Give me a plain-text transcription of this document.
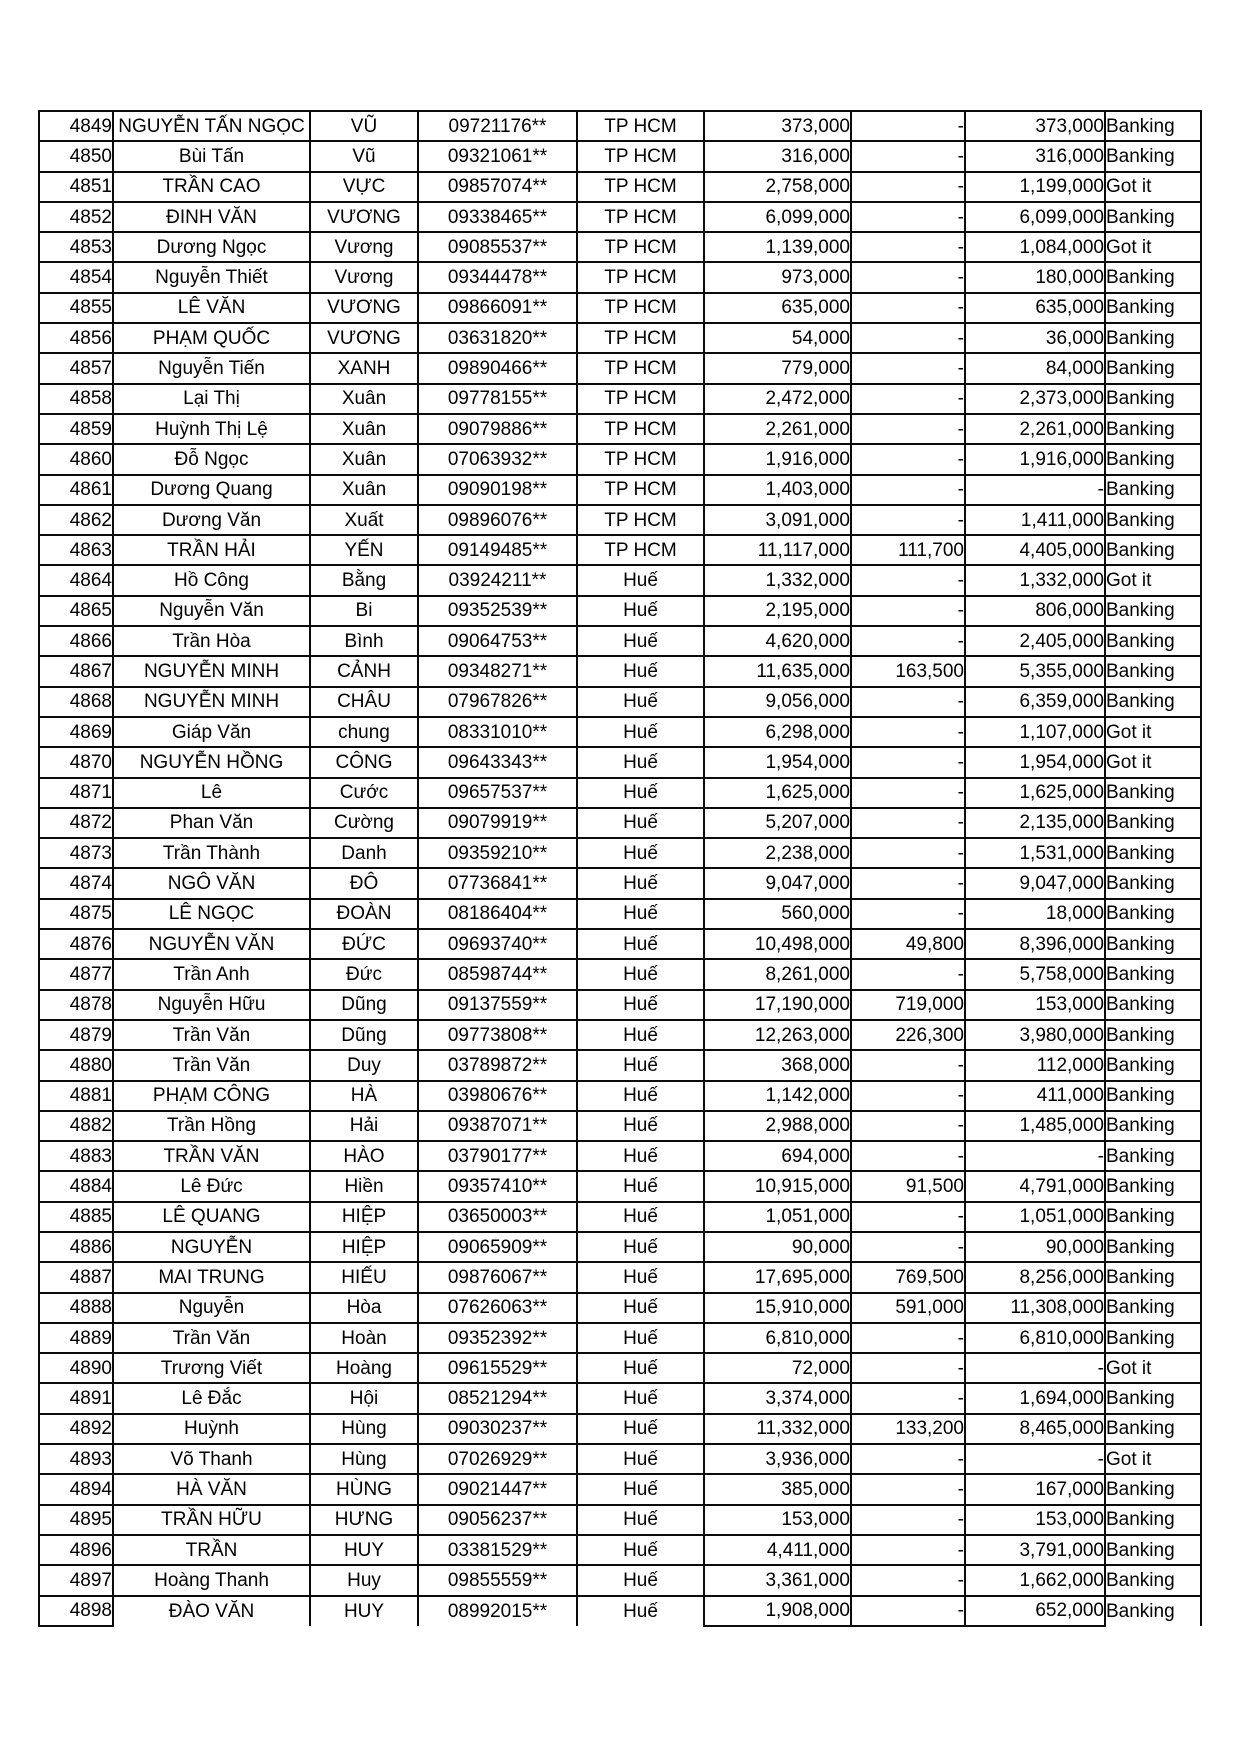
4849	NGUYỄN TẤN NGỌC	VŨ	09721176**	TP HCM	373,000	-	373,000	Banking
4850	Bùi Tấn	Vũ	09321061**	TP HCM	316,000	-	316,000	Banking
4851	TRẦN CAO	VỰC	09857074**	TP HCM	2,758,000	-	1,199,000	Got it
4852	ĐINH VĂN	VƯƠNG	09338465**	TP HCM	6,099,000	-	6,099,000	Banking
4853	Dương Ngọc	Vương	09085537**	TP HCM	1,139,000	-	1,084,000	Got it
4854	Nguyễn Thiết	Vương	09344478**	TP HCM	973,000	-	180,000	Banking
4855	LÊ VĂN	VƯƠNG	09866091**	TP HCM	635,000	-	635,000	Banking
4856	PHẠM QUỐC	VƯƠNG	03631820**	TP HCM	54,000	-	36,000	Banking
4857	Nguyễn Tiến	XANH	09890466**	TP HCM	779,000	-	84,000	Banking
4858	Lại Thị	Xuân	09778155**	TP HCM	2,472,000	-	2,373,000	Banking
4859	Huỳnh Thị Lệ	Xuân	09079886**	TP HCM	2,261,000	-	2,261,000	Banking
4860	Đỗ Ngọc	Xuân	07063932**	TP HCM	1,916,000	-	1,916,000	Banking
4861	Dương Quang	Xuân	09090198**	TP HCM	1,403,000	-	-	Banking
4862	Dương Văn	Xuất	09896076**	TP HCM	3,091,000	-	1,411,000	Banking
4863	TRẦN HẢI	YẾN	09149485**	TP HCM	11,117,000	111,700	4,405,000	Banking
4864	Hồ Công	Bằng	03924211**	Huế	1,332,000	-	1,332,000	Got it
4865	Nguyễn Văn	Bi	09352539**	Huế	2,195,000	-	806,000	Banking
4866	Trần Hòa	Bình	09064753**	Huế	4,620,000	-	2,405,000	Banking
4867	NGUYỄN MINH	CẢNH	09348271**	Huế	11,635,000	163,500	5,355,000	Banking
4868	NGUYỄN MINH	CHÂU	07967826**	Huế	9,056,000	-	6,359,000	Banking
4869	Giáp Văn	chung	08331010**	Huế	6,298,000	-	1,107,000	Got it
4870	NGUYỄN HỒNG	CÔNG	09643343**	Huế	1,954,000	-	1,954,000	Got it
4871	Lê	Cước	09657537**	Huế	1,625,000	-	1,625,000	Banking
4872	Phan Văn	Cường	09079919**	Huế	5,207,000	-	2,135,000	Banking
4873	Trần Thành	Danh	09359210**	Huế	2,238,000	-	1,531,000	Banking
4874	NGÔ VĂN	ĐÔ	07736841**	Huế	9,047,000	-	9,047,000	Banking
4875	LÊ NGỌC	ĐOÀN	08186404**	Huế	560,000	-	18,000	Banking
4876	NGUYỄN VĂN	ĐỨC	09693740**	Huế	10,498,000	49,800	8,396,000	Banking
4877	Trần Anh	Đức	08598744**	Huế	8,261,000	-	5,758,000	Banking
4878	Nguyễn Hữu	Dũng	09137559**	Huế	17,190,000	719,000	153,000	Banking
4879	Trần Văn	Dũng	09773808**	Huế	12,263,000	226,300	3,980,000	Banking
4880	Trần Văn	Duy	03789872**	Huế	368,000	-	112,000	Banking
4881	PHẠM CÔNG	HÀ	03980676**	Huế	1,142,000	-	411,000	Banking
4882	Trần Hồng	Hải	09387071**	Huế	2,988,000	-	1,485,000	Banking
4883	TRẦN VĂN	HÀO	03790177**	Huế	694,000	-	-	Banking
4884	Lê Đức	Hiền	09357410**	Huế	10,915,000	91,500	4,791,000	Banking
4885	LÊ QUANG	HIỆP	03650003**	Huế	1,051,000	-	1,051,000	Banking
4886	NGUYỄN	HIỆP	09065909**	Huế	90,000	-	90,000	Banking
4887	MAI TRUNG	HIẾU	09876067**	Huế	17,695,000	769,500	8,256,000	Banking
4888	Nguyễn	Hòa	07626063**	Huế	15,910,000	591,000	11,308,000	Banking
4889	Trần Văn	Hoàn	09352392**	Huế	6,810,000	-	6,810,000	Banking
4890	Trương Viết	Hoàng	09615529**	Huế	72,000	-	-	Got it
4891	Lê Đắc	Hội	08521294**	Huế	3,374,000	-	1,694,000	Banking
4892	Huỳnh	Hùng	09030237**	Huế	11,332,000	133,200	8,465,000	Banking
4893	Võ Thanh	Hùng	07026929**	Huế	3,936,000	-	-	Got it
4894	HÀ VĂN	HÙNG	09021447**	Huế	385,000	-	167,000	Banking
4895	TRẦN HỮU	HƯNG	09056237**	Huế	153,000	-	153,000	Banking
4896	TRẦN	HUY	03381529**	Huế	4,411,000	-	3,791,000	Banking
4897	Hoàng Thanh	Huy	09855559**	Huế	3,361,000	-	1,662,000	Banking
4898	ĐÀO VĂN	HUY	08992015**	Huế	1,908,000	-	652,000	Banking
